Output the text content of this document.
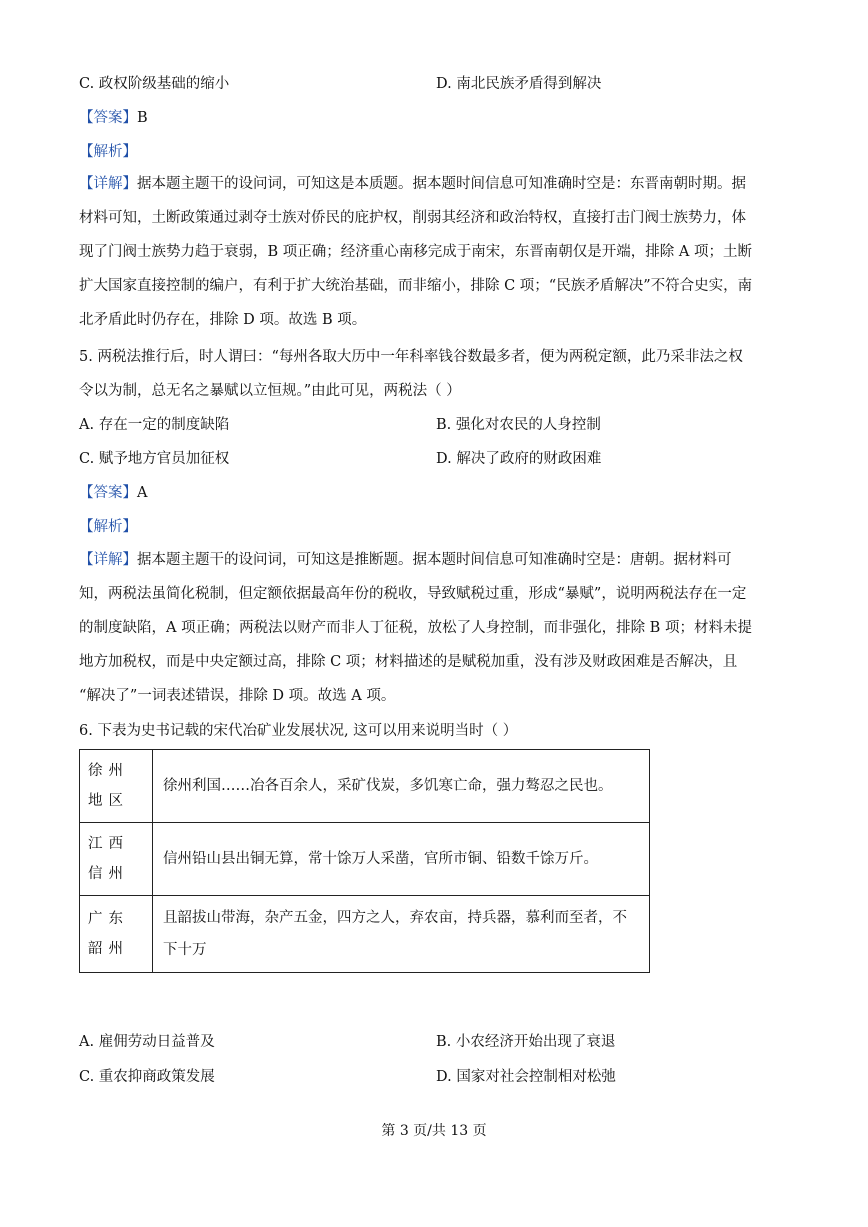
C. 政权阶级基础的缩小	D. 南北民族矛盾得到解决
【答案】B
【解析】

【详解】据本题主题干的设问词，可知这是本质题。据本题时间信息可知准确时空是：东晋南朝时期。据

材料可知，土断政策通过剥夺士族对侨民的庇护权，削弱其经济和政治特权，直接打击门阀士族势力，体

现了门阀士族势力趋于衰弱，B 项正确；经济重心南移完成于南宋，东晋南朝仅是开端，排除 A 项；土断

扩大国家直接控制的编户，有利于扩大统治基础，而非缩小，排除 C 项；“民族矛盾解决”不符合史实，南

北矛盾此时仍存在，排除 D 项。故选 B 项。

5. 两税法推行后，时人谓曰：“每州各取大历中一年科率钱谷数最多者，便为两税定额，此乃采非法之权

令以为制，总无名之暴赋以立恒规。”由此可见，两税法（ ）

A. 存在一定的制度缺陷	B. 强化对农民的人身控制
C. 赋予地方官员加征权	D. 解决了政府的财政困难
【答案】A
【解析】

【详解】据本题主题干的设问词，可知这是推断题。据本题时间信息可知准确时空是：唐朝。据材料可

知，两税法虽简化税制，但定额依据最高年份的税收，导致赋税过重，形成“暴赋”，说明两税法存在一定

的制度缺陷，A 项正确；两税法以财产而非人丁征税，放松了人身控制，而非强化，排除 B 项；材料未提

地方加税权，而是中央定额过高，排除 C 项；材料描述的是赋税加重，没有涉及财政困难是否解决，且

“解决了”一词表述错误，排除 D 项。故选 A 项。

6. 下表为史书记载的宋代冶矿业发展状况, 这可以用来说明当时（ ）
徐州地区	徐州利国……冶各百余人，采矿伐炭，多饥寒亡命，强力骜忍之民也。
江西信州	信州铅山县出铜无算，常十馀万人采凿，官所市铜、铅数千馀万斤。
广东韶州	且韶拔山带海，杂产五金，四方之人，弃农亩，持兵器，慕利而至者，不下十万
A. 雇佣劳动日益普及	B. 小农经济开始出现了衰退
C. 重农抑商政策发展	D. 国家对社会控制相对松弛
第 3 页/共 13 页
